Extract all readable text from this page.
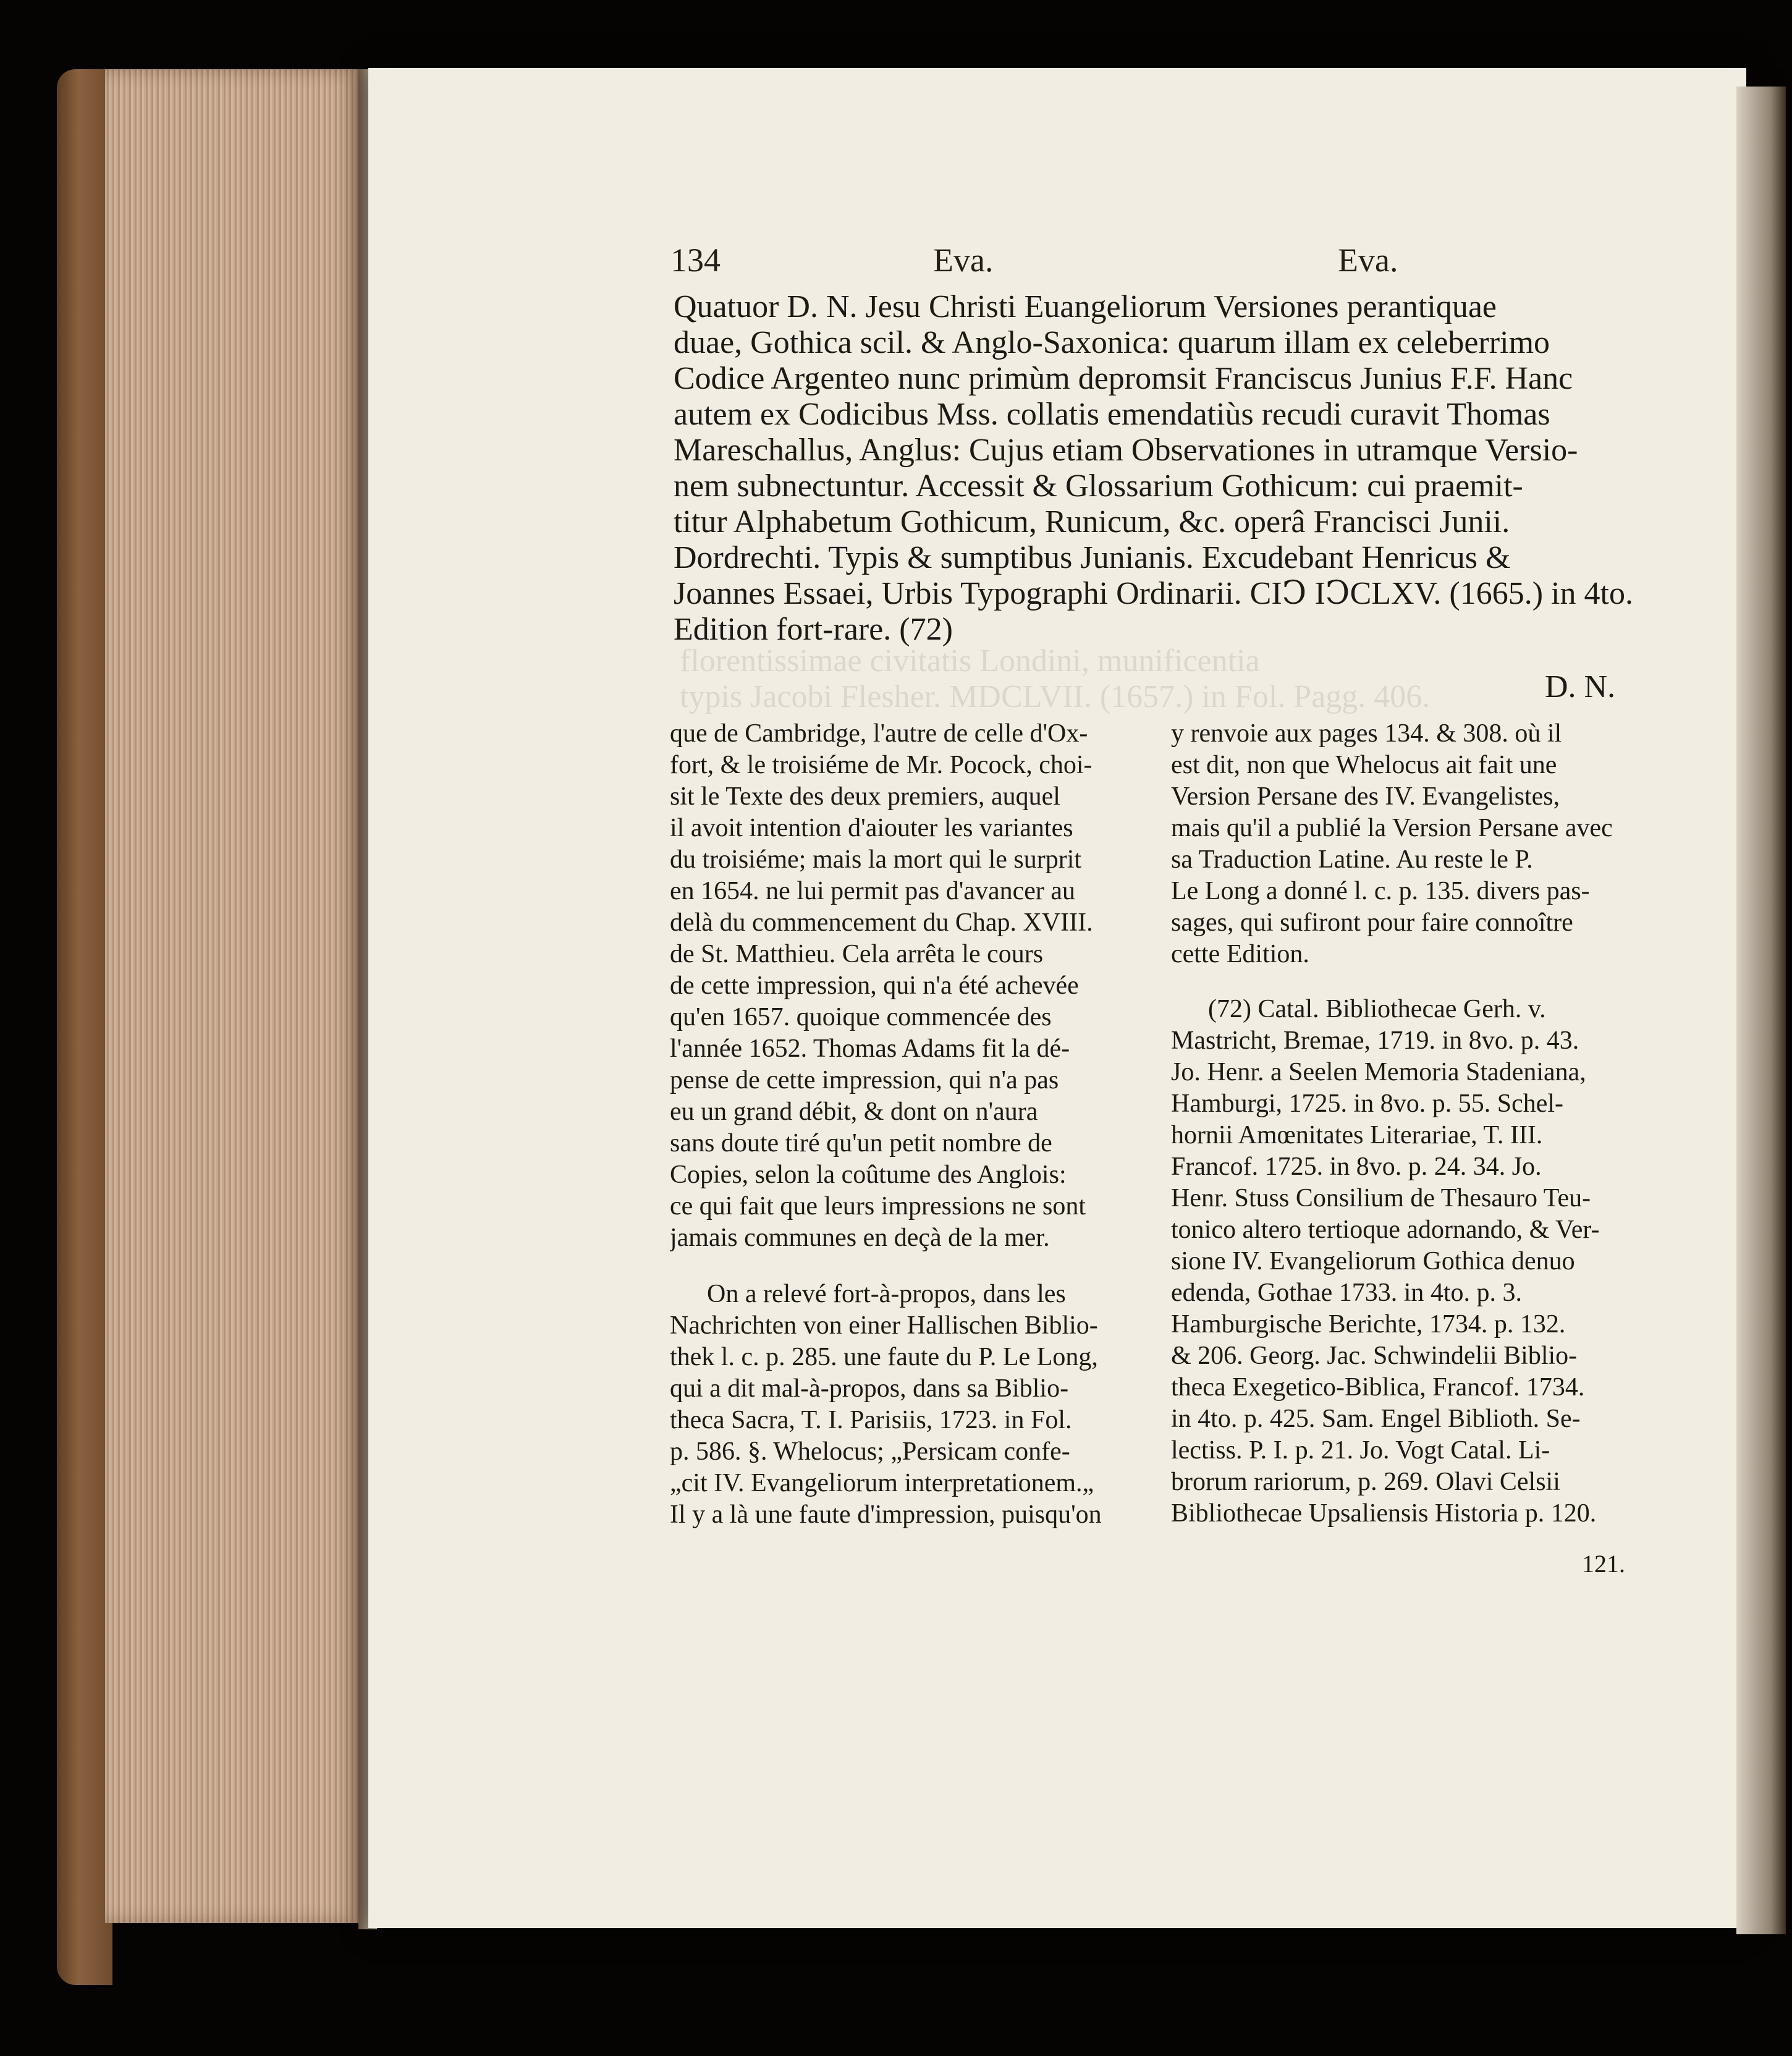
florentissimae civitatis Londini, munificentia
typis Jacobi Flesher. MDCLVII. (1657.) in Fol. Pagg. 406.
134	Eva.	Eva.
Quatuor D. N. Jesu Christi Euangeliorum Versiones perantiquae
duae, Gothica scil. & Anglo-Saxonica: quarum illam ex celeberrimo
Codice Argenteo nunc primùm depromsit Franciscus Junius F.F. Hanc
autem ex Codicibus Mss. collatis emendatiùs recudi curavit Thomas
Mareschallus, Anglus: Cujus etiam Observationes in utramque Versio-
nem subnectuntur. Accessit & Glossarium Gothicum: cui praemit-
titur Alphabetum Gothicum, Runicum, &c. operâ Francisci Junii.
Dordrechti. Typis & sumptibus Junianis. Excudebant Henricus &
Joannes Essaei, Urbis Typographi Ordinarii. CIↃ IↃCLXV. (1665.) in 4to.
Edition fort-rare. (72)
D. N.

que de Cambridge, l'autre de celle d'Ox-
fort, & le troisiéme de Mr. Pocock, choi-
sit le Texte des deux premiers, auquel
il avoit intention d'aiouter les variantes
du troisiéme; mais la mort qui le surprit
en 1654. ne lui permit pas d'avancer au
delà du commencement du Chap. XVIII.
de St. Matthieu. Cela arrêta le cours
de cette impression, qui n'a été achevée
qu'en 1657. quoique commencée des
l'année 1652. Thomas Adams fit la dé-
pense de cette impression, qui n'a pas
eu un grand débit, & dont on n'aura
sans doute tiré qu'un petit nombre de
Copies, selon la coûtume des Anglois:
ce qui fait que leurs impressions ne sont
jamais communes en deçà de la mer.

On a relevé fort-à-propos, dans les
Nachrichten von einer Hallischen Biblio-
thek l. c. p. 285. une faute du P. Le Long,
qui a dit mal-à-propos, dans sa Biblio-
theca Sacra, T. I. Parisiis, 1723. in Fol.
p. 586. §. Whelocus; „Persicam confe-
„cit IV. Evangeliorum interpretationem.„
Il y a là une faute d'impression, puisqu'on

y renvoie aux pages 134. & 308. où il
est dit, non que Whelocus ait fait une
Version Persane des IV. Evangelistes,
mais qu'il a publié la Version Persane avec
sa Traduction Latine. Au reste le P.
Le Long a donné l. c. p. 135. divers pas-
sages, qui sufiront pour faire connoître
cette Edition.

(72) Catal. Bibliothecae Gerh. v.
Mastricht, Bremae, 1719. in 8vo. p. 43.
Jo. Henr. a Seelen Memoria Stadeniana,
Hamburgi, 1725. in 8vo. p. 55. Schel-
hornii Amœnitates Literariae, T. III.
Francof. 1725. in 8vo. p. 24. 34. Jo.
Henr. Stuss Consilium de Thesauro Teu-
tonico altero tertioque adornando, & Ver-
sione IV. Evangeliorum Gothica denuo
edenda, Gothae 1733. in 4to. p. 3.
Hamburgische Berichte, 1734. p. 132.
& 206. Georg. Jac. Schwindelii Biblio-
theca Exegetico-Biblica, Francof. 1734.
in 4to. p. 425. Sam. Engel Biblioth. Se-
lectiss. P. I. p. 21. Jo. Vogt Catal. Li-
brorum rariorum, p. 269. Olavi Celsii
Bibliothecae Upsaliensis Historia p. 120.

121.
